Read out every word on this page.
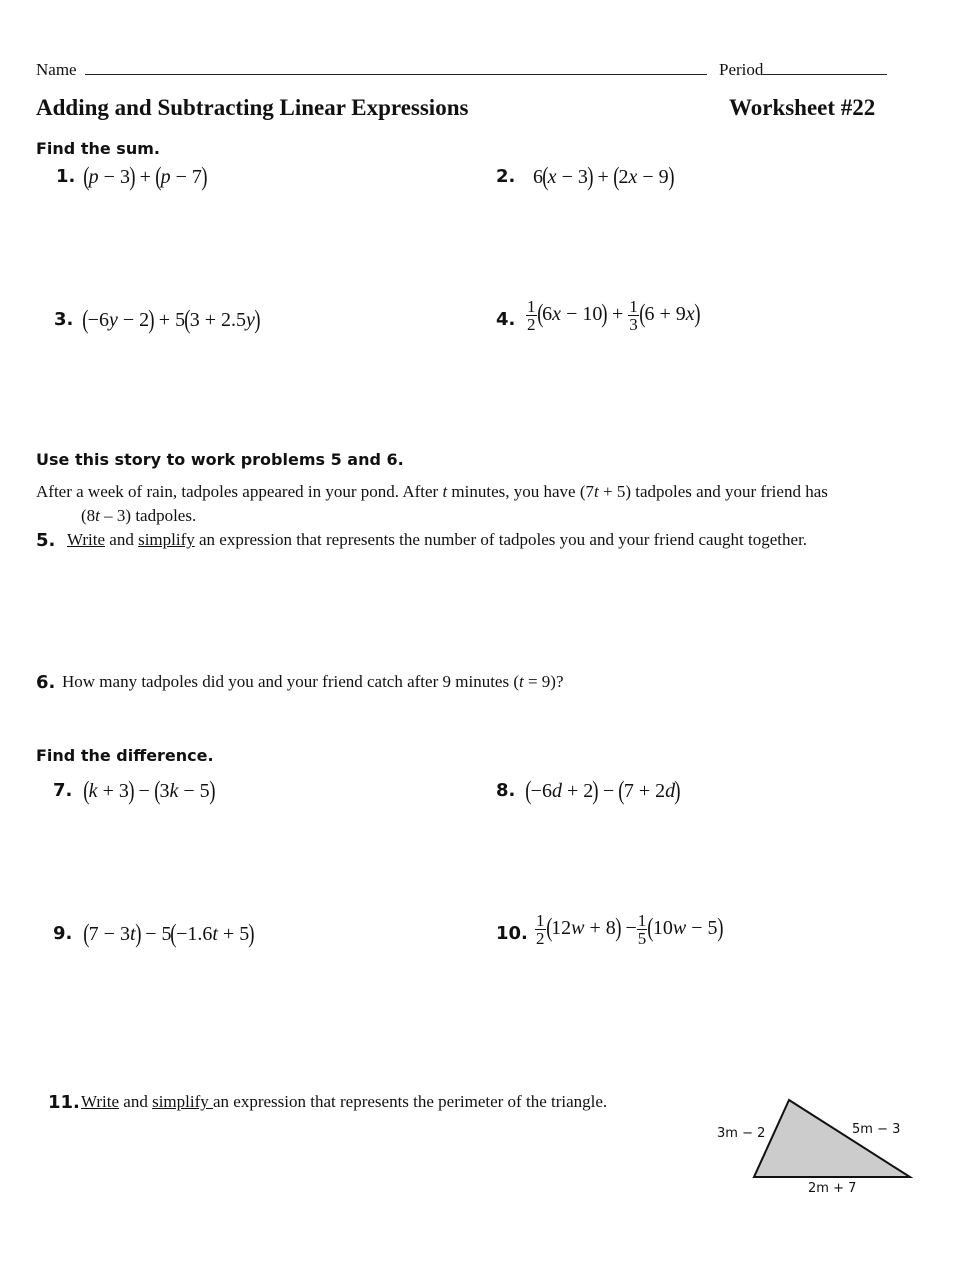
Name	Period
Adding and Subtracting Linear Expressions	Worksheet #22
Find the sum.
1. (p − 3) + (p − 7)	2. 6(x − 3) + (2x − 9)
3. (−6y − 2) + 5(3 + 2.5y)	4. $\frac{1}{2} (6x - 10) + \frac{1}{3} (6 + 9x)$
Use this story to work problems 5 and 6.
After a week of rain, tadpoles appeared in your pond. After t minutes, you have (7t + 5) tadpoles and your friend has
(8t – 3) tadpoles.
5. Write and simplify an expression that represents the number of tadpoles you and your friend caught together.
6. How many tadpoles did you and your friend catch after 9 minutes (t = 9)?
Find the difference.
7. (k + 3) − (3k − 5)	8. (−6d + 2) − (7 + 2d)
9. (7 − 3t) − 5(−1.6t + 5)	10. $\frac{1}{2} (12w + 8) - \frac{1}{5} (10w - 5)$
11. Write and simplify an expression that represents the perimeter of the triangle.
3m − 2	5m − 3
2m + 7
